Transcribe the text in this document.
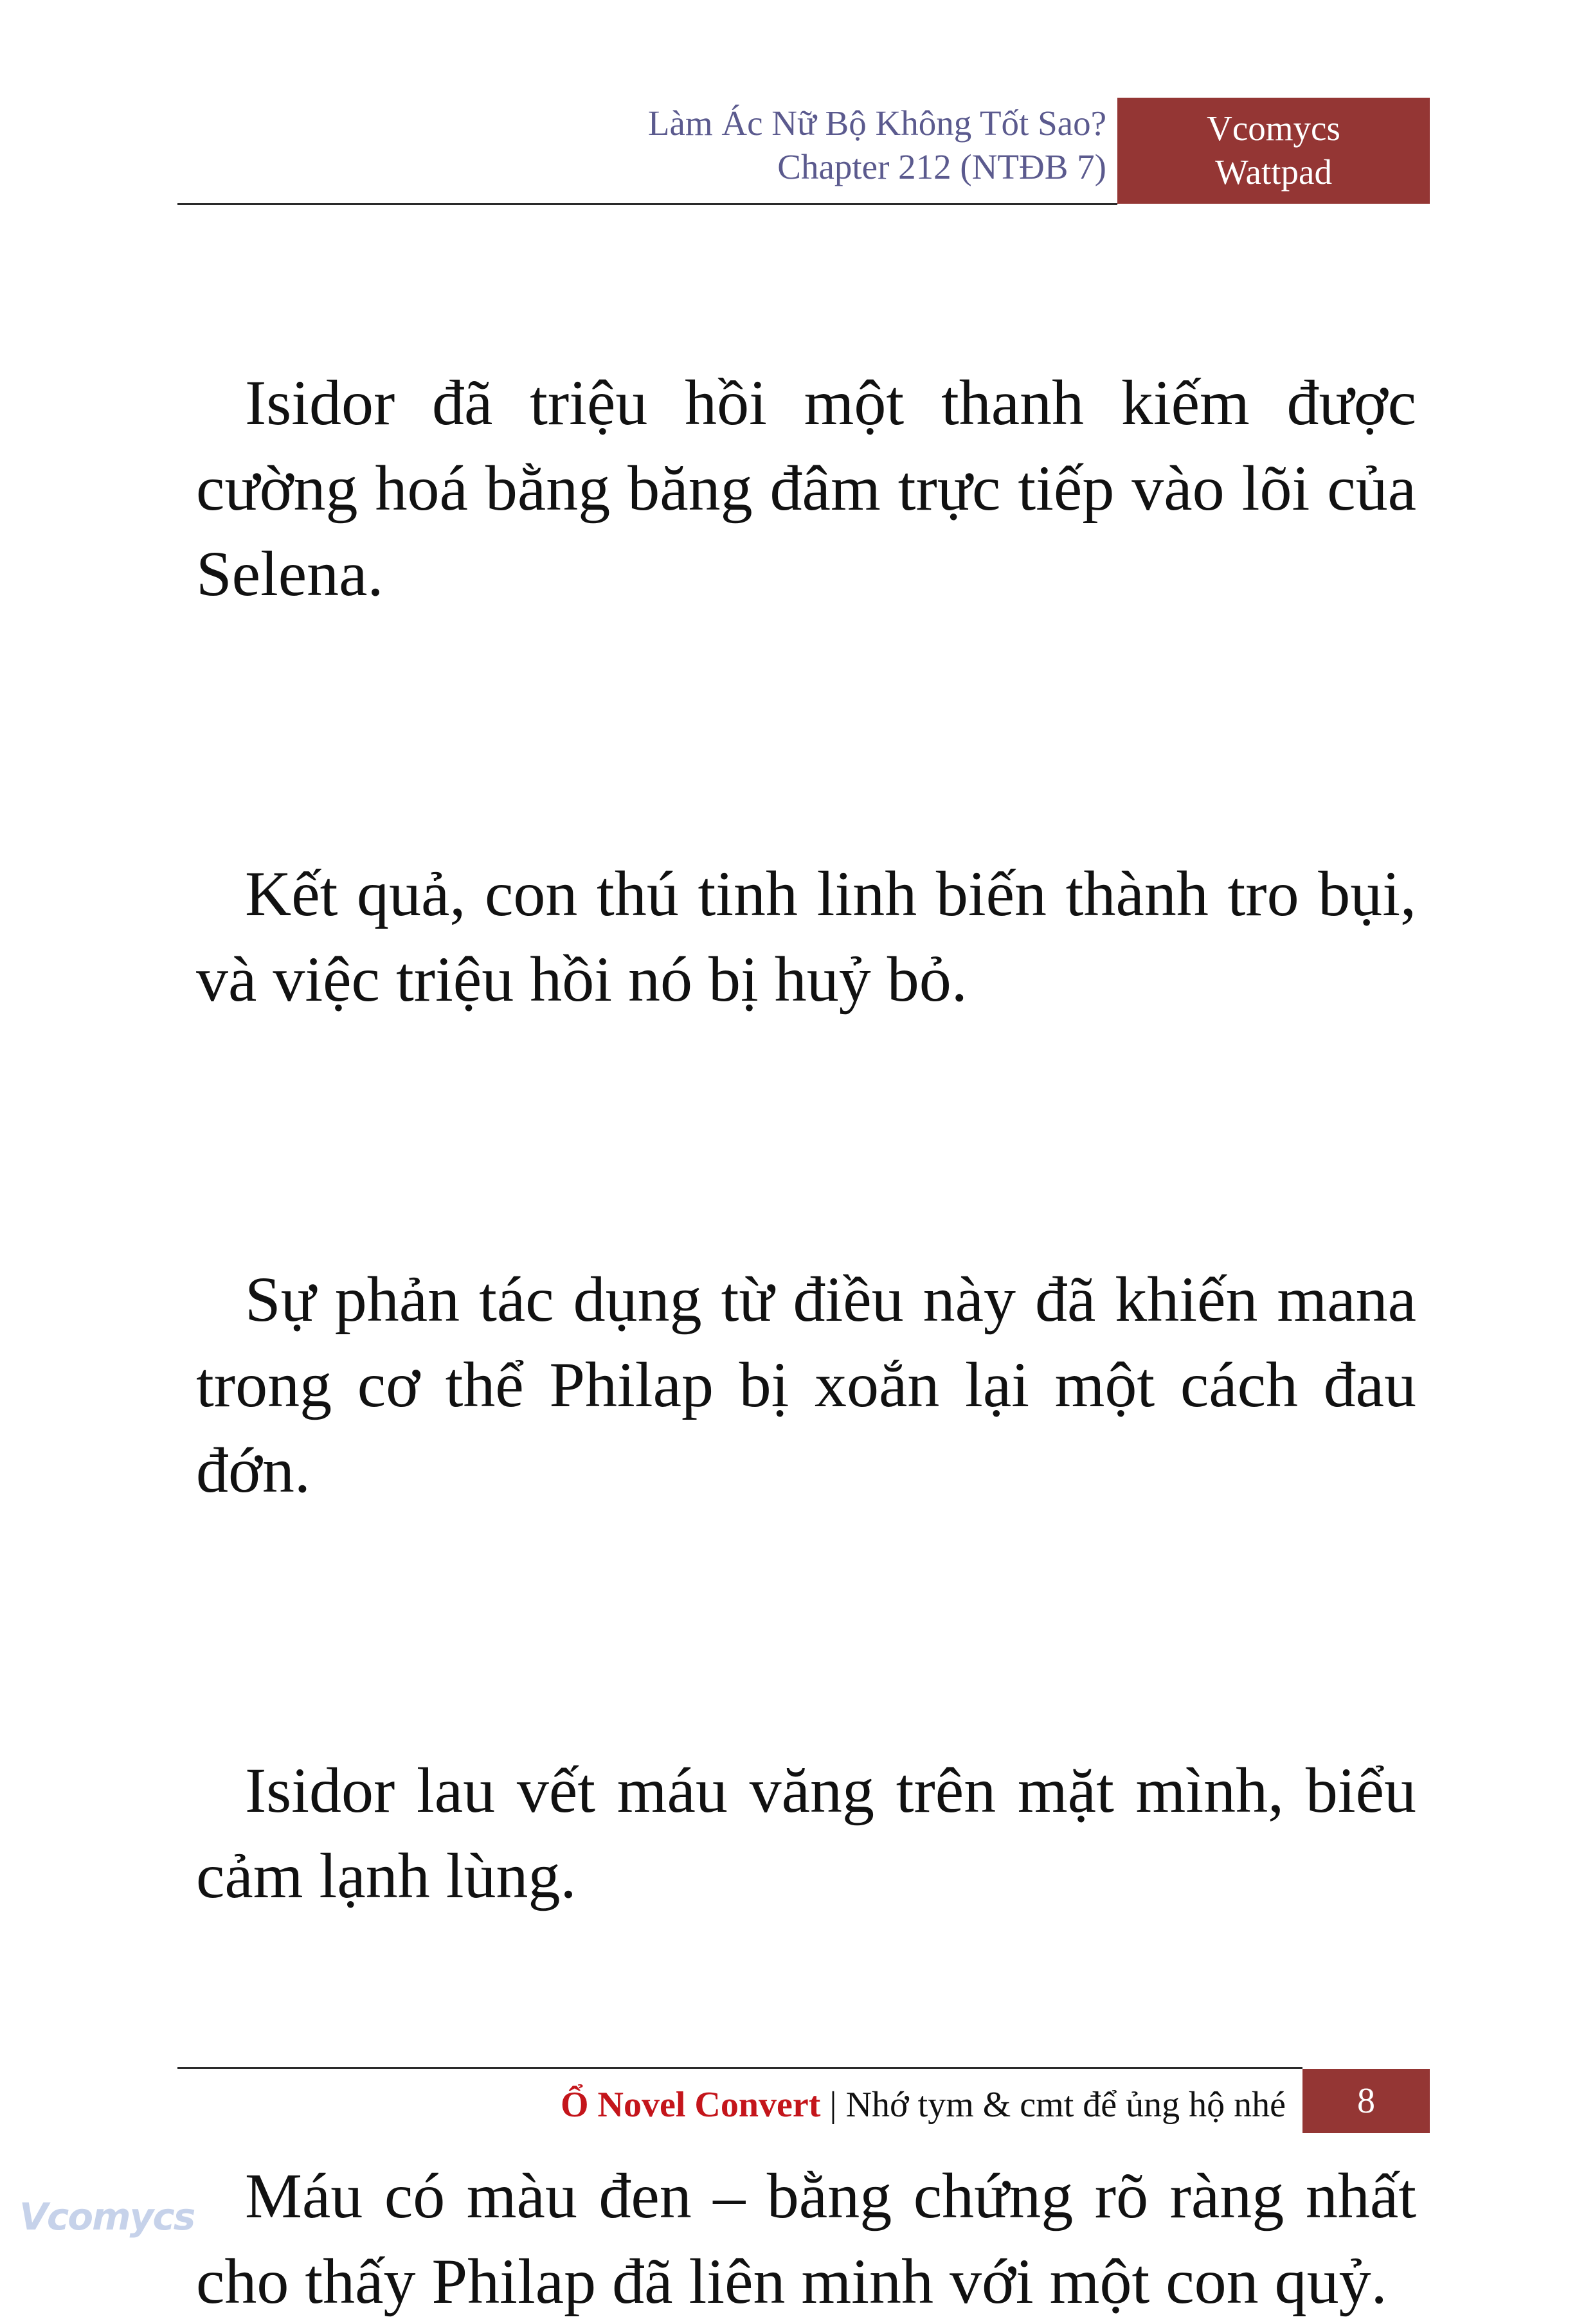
Làm Ác Nữ Bộ Không Tốt Sao?
Chapter 212 (NTĐB 7)
Vcomycs
Wattpad

Isidor đã triệu hồi một thanh kiếm được cường hoá bằng băng đâm trực tiếp vào lõi của Selena.

Kết quả, con thú tinh linh biến thành tro bụi, và việc triệu hồi nó bị huỷ bỏ.

Sự phản tác dụng từ điều này đã khiến mana trong cơ thể Philap bị xoắn lại một cách đau đớn.

Isidor lau vết máu văng trên mặt mình, biểu cảm lạnh lùng.

Máu có màu đen – bằng chứng rõ ràng nhất cho thấy Philap đã liên minh với một con quỷ.

Ổ Novel Convert | Nhớ tym & cmt để ủng hộ nhé	8
Vcomycs
